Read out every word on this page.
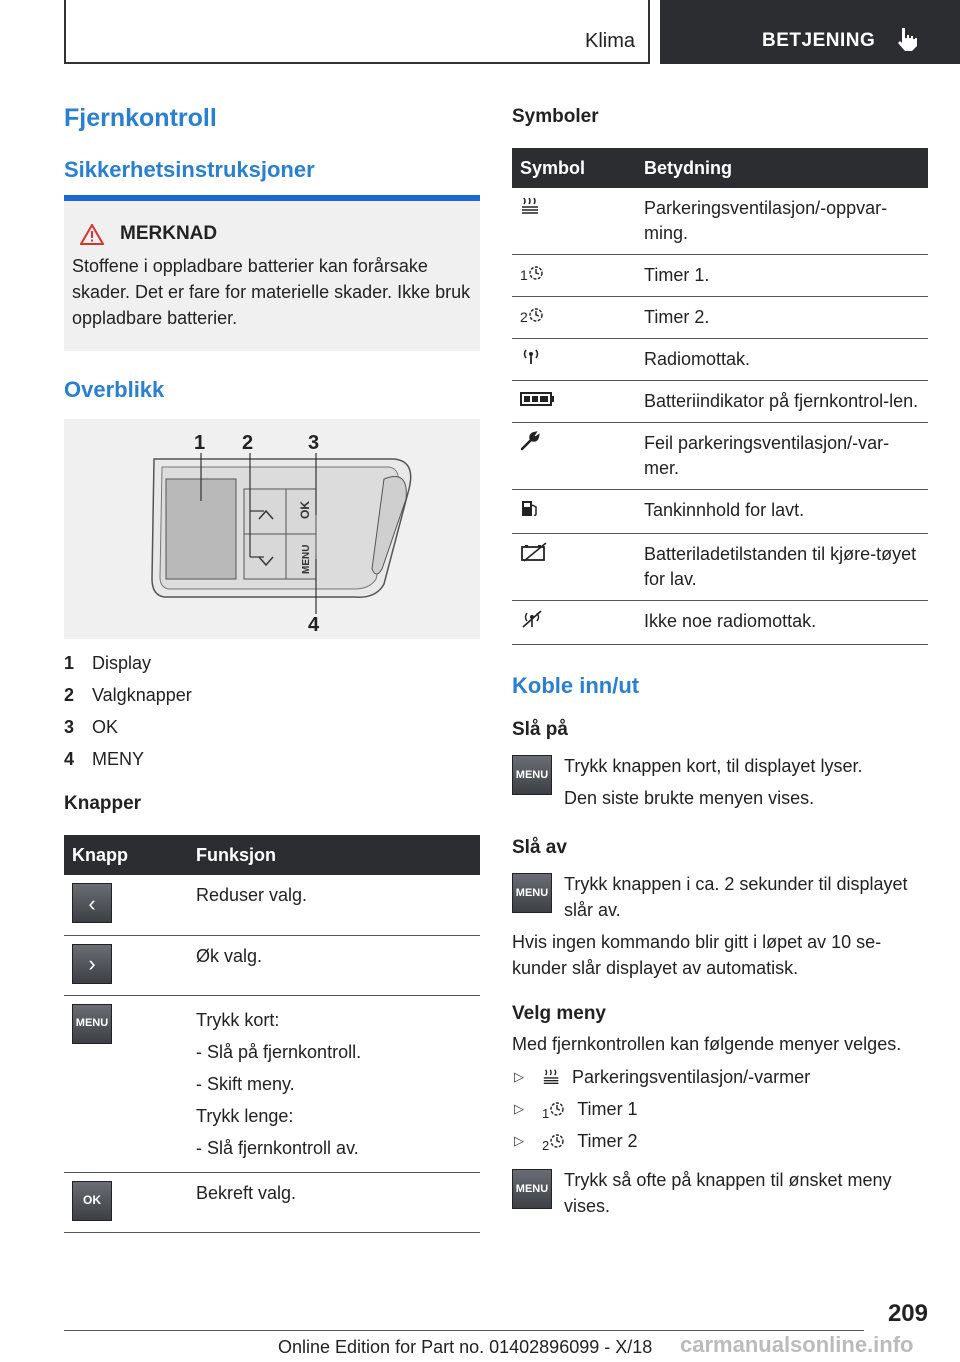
Klima	BETJENING
Fjernkontroll
Sikkerhetsinstruksjoner
MERKNAD
Stoffene i oppladbare batterier kan forårsake skader. Det er fare for materielle skader. Ikke bruk oppladbare batterier.
Overblikk
OK
MENU
1 2	3
4
1 Display
2 Valgknapper
3 OK
4 MENY
Knapper
Knapp	Funksjon

‹	Reduser valg.

›	Øk valg.

MENU	Trykk kort:
- Slå på fjernkontroll.
- Skift meny.
Trykk lenge:
- Slå fjernkontroll av.

OK	Bekreft valg.
Symboler
Symbol	Betydning
	Parkeringsventilasjon/-oppvar-ming.
1	Timer 1.
2	Timer 2.
	Radiomottak.
	Batteriindikator på fjernkontrol-len.
	Feil parkeringsventilasjon/-var-mer.
	Tankinnhold for lavt.
	Batteriladetilstanden til kjøre-tøyet for lav.
	Ikke noe radiomottak.
Koble inn/ut
Slå på
MENU Trykk knappen kort, til displayet lyser.
Den siste brukte menyen vises.
Slå av
MENU Trykk knappen i ca. 2 sekunder til displayet slår av.
Hvis ingen kommando blir gitt i løpet av 10 se-kunder slår displayet av automatisk.
Velg meny
Med fjernkontrollen kan følgende menyer velges.
▷	Parkeringsventilasjon/-varmer
▷	1 Timer 1
▷	2 Timer 2
MENU Trykk så ofte på knappen til ønsket meny vises.
209
Online Edition for Part no. 01402896099 - X/18 carmanualsonline.info
